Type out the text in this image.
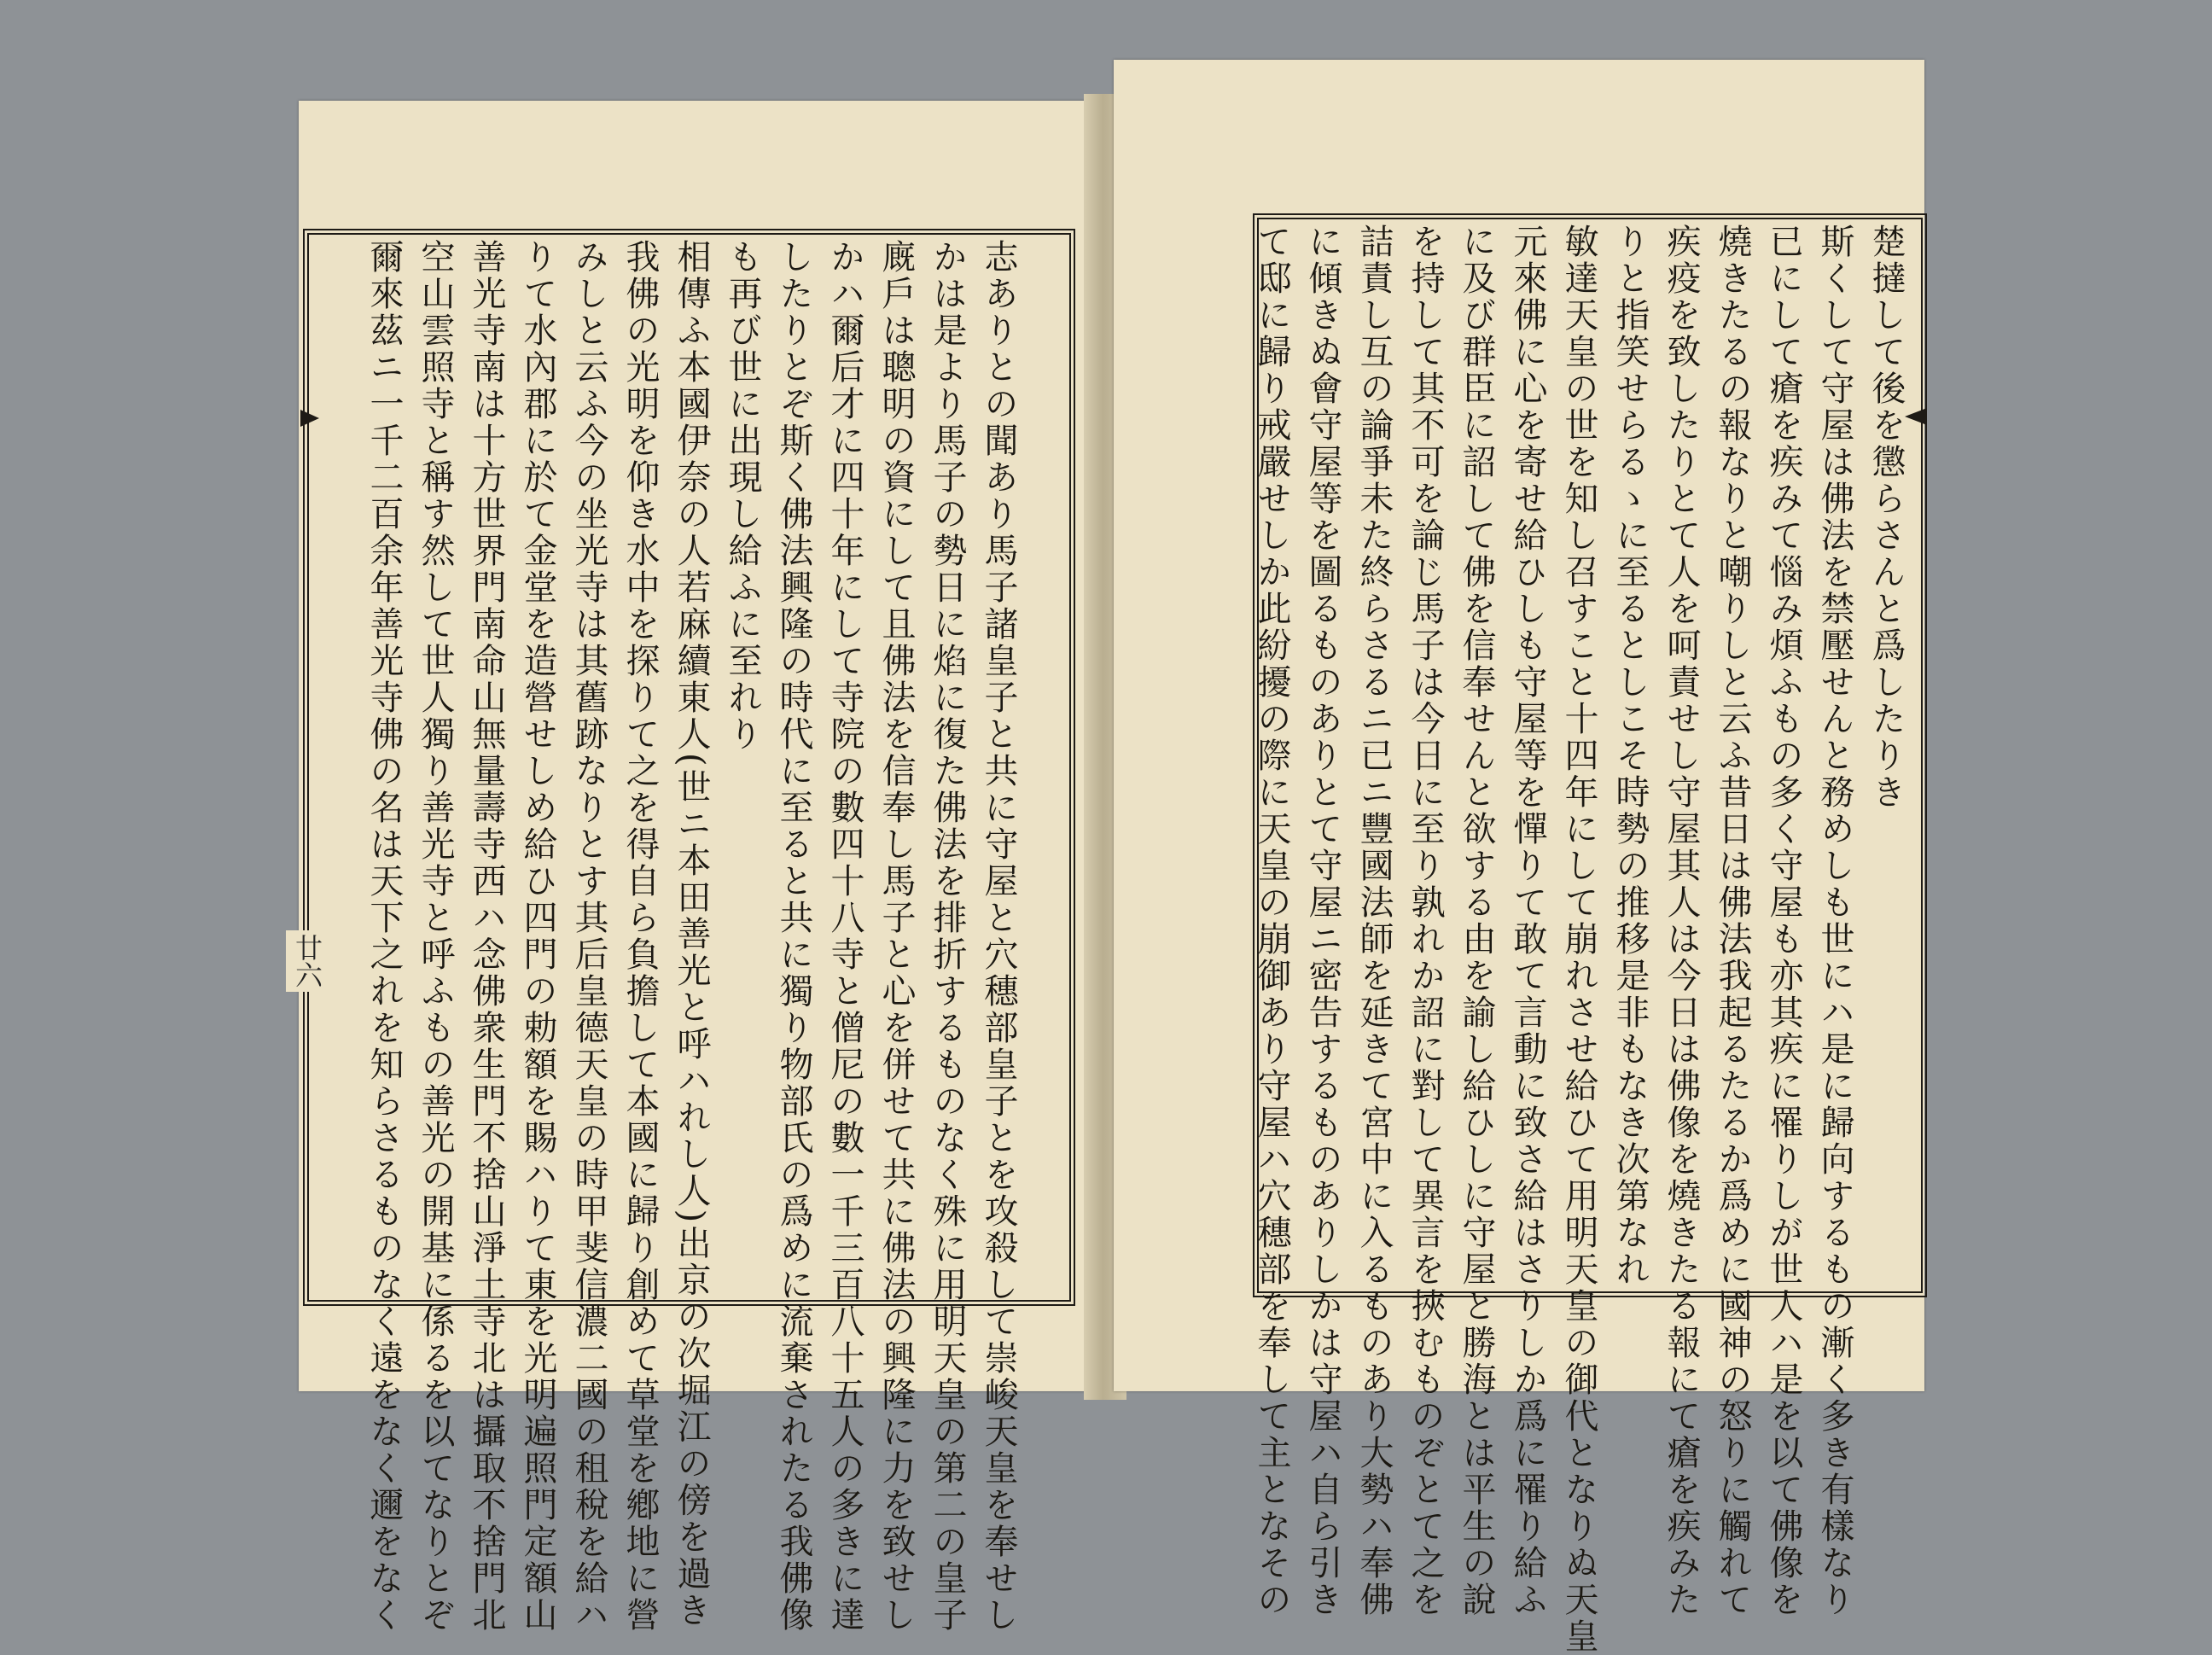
廿六	志ありとの聞あり馬子諸皇子と共に守屋と穴穗部皇子とを攻殺して崇峻天皇を奉せし
かは是より馬子の勢日に焰に復た佛法を排折するものなく殊に用明天皇の第二の皇子
廐戶は聰明の資にして且佛法を信奉し馬子と心を併せて共に佛法の興隆に力を致せし
かハ爾后才に四十年にして寺院の數四十八寺と僧尼の數一千三百八十五人の多きに達
したりとぞ斯く佛法興隆の時代に至ると共に獨り物部氏の爲めに流棄されたる我佛像
も再び世に出現し給ふに至れり
相傳ふ本國伊奈の人若麻續東人(世ニ本田善光と呼ハれし人)出京の次堀江の傍を過き
我佛の光明を仰き水中を探りて之を得自ら負擔して本國に歸り創めて草堂を鄕地に營
みしと云ふ今の坐光寺は其舊跡なりとす其后皇德天皇の時甲斐信濃二國の租稅を給ハ
りて水內郡に於て金堂を造營せしめ給ひ四門の勅額を賜ハりて東を光明遍照門定額山
善光寺南は十方世界門南命山無量壽寺西ハ念佛衆生門不捨山淨土寺北は攝取不捨門北
空山雲照寺と稱す然して世人獨り善光寺と呼ふもの善光の開基に係るを以てなりとぞ
爾來茲ニ一千二百余年善光寺佛の名は天下之れを知らさるものなく遠をなく邇をなく	楚撻して後を懲らさんと爲したりき
斯くして守屋は佛法を禁壓せんと務めしも世にハ是に歸向するもの漸く多き有樣なり
已にして瘡を疾みて惱み煩ふもの多く守屋も亦其疾に罹りしが世人ハ是を以て佛像を
燒きたるの報なりと嘲りしと云ふ昔日は佛法我起るたるか爲めに國神の怒りに觸れて
疾疫を致したりとて人を呵責せし守屋其人は今日は佛像を燒きたる報にて瘡を疾みた
りと指笑せらるゝに至るとしこそ時勢の推移是非もなき次第なれ
敏達天皇の世を知し召すこと十四年にして崩れさせ給ひて用明天皇の御代となりぬ天皇
元來佛に心を寄せ給ひしも守屋等を憚りて敢て言動に致さ給はさりしか爲に罹り給ふ
に及び群臣に詔して佛を信奉せんと欲する由を諭し給ひしに守屋と勝海とは平生の說
を持して其不可を論じ馬子は今日に至り孰れか詔に對して異言を挾むものぞとて之を
詰責し互の論爭未た終らさるニ已ニ豐國法師を延きて宮中に入るものあり大勢ハ奉佛
に傾きぬ會守屋等を圖るものありとて守屋ニ密告するものありしかは守屋ハ自ら引き
て邸に歸り戒嚴せしか此紛擾の際に天皇の崩御あり守屋ハ穴穗部を奉して主となその
